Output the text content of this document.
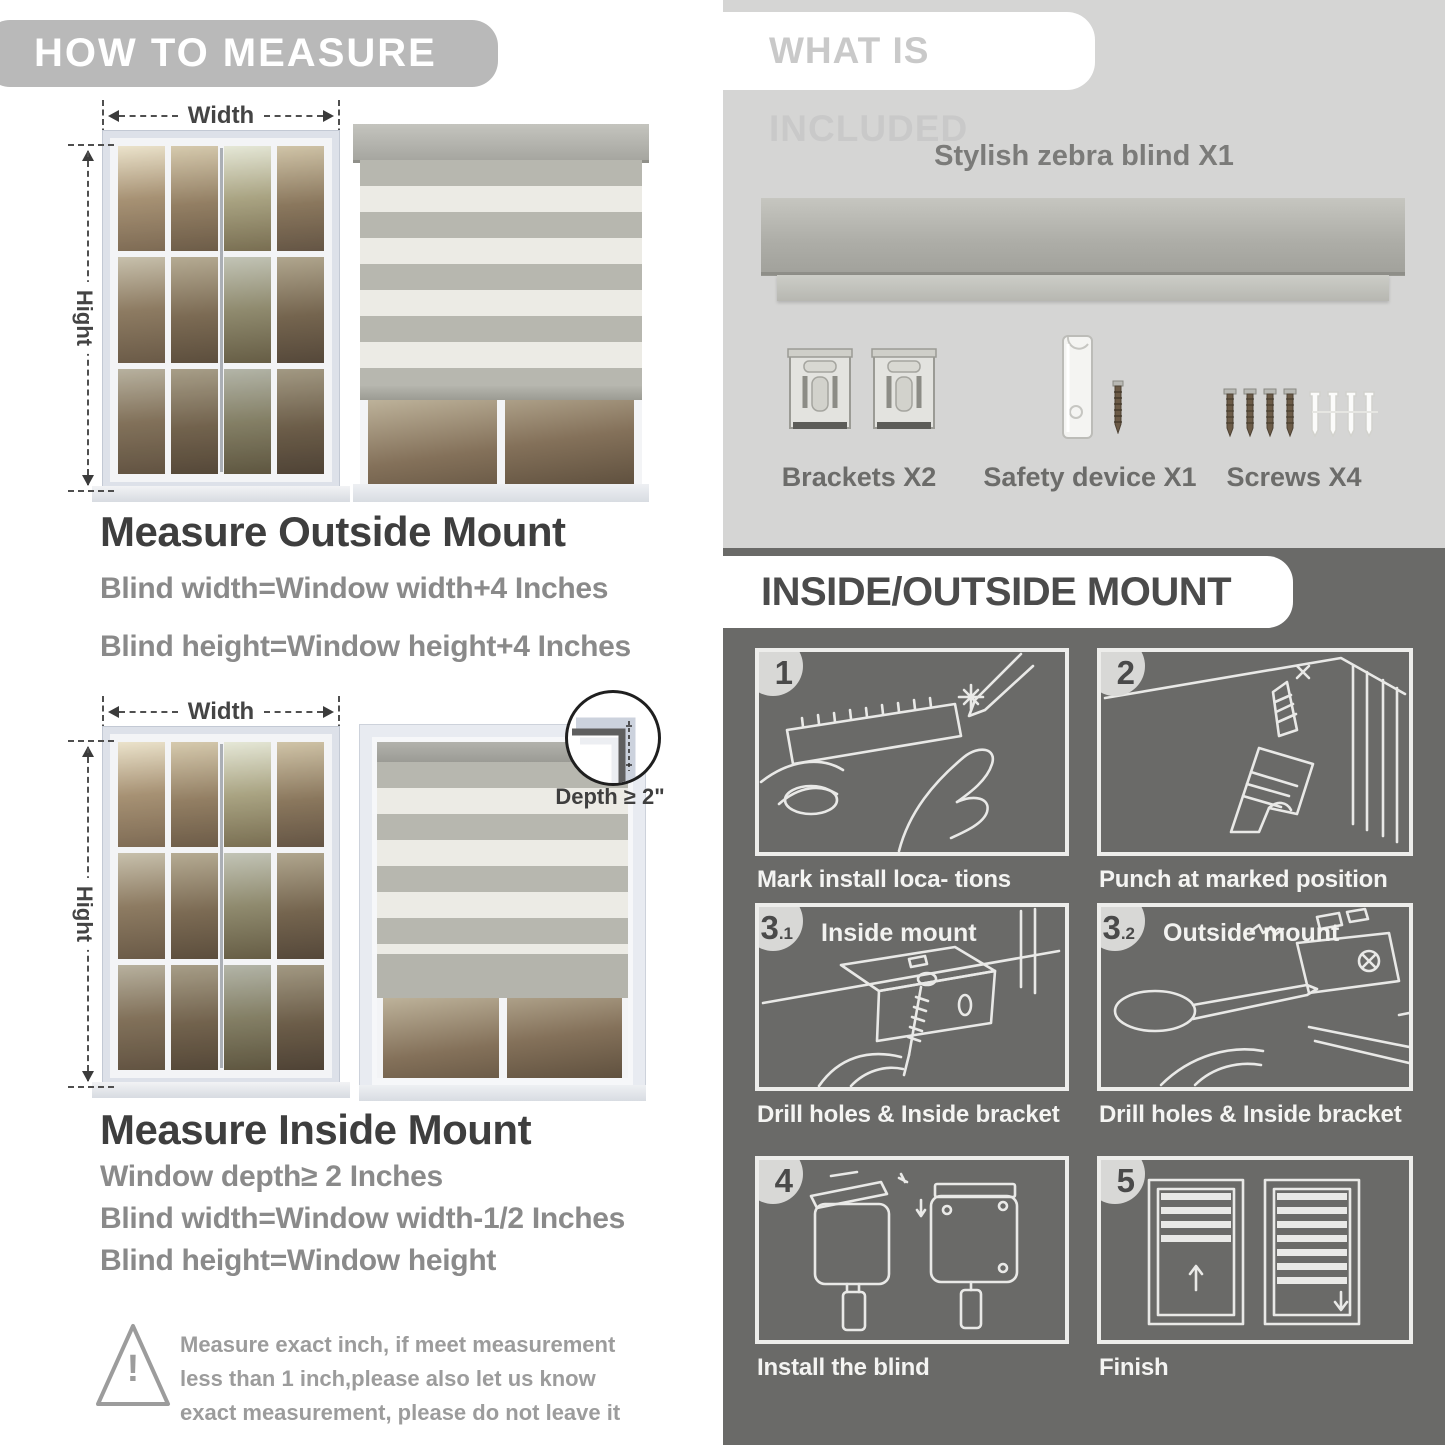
HOW TO MEASURE
Width
Hight
Measure Outside Mount
Blind width=Window width+4 Inches
Blind height=Window height+4 Inches
Width
Hight
Depth ≥ 2"
Measure Inside Mount
Window depth≥ 2 Inches
Blind width=Window width-1/2 Inches
Blind height=Window height
!
Measure exact inch, if meet measurement less than 1 inch,please also let us know exact measurement, please do not leave it
WHAT IS INCLUDED
Stylish zebra blind X1
Brackets X2	Safety device X1	Screws X4
INSIDE/OUTSIDE MOUNT
1	2
Mark install loca- tions	Punch at marked position
3 .1 Inside mount	3 .2 Outside mount
Drill holes & Inside bracket Drill holes & Inside bracket
4	5
Install the blind	Finish
